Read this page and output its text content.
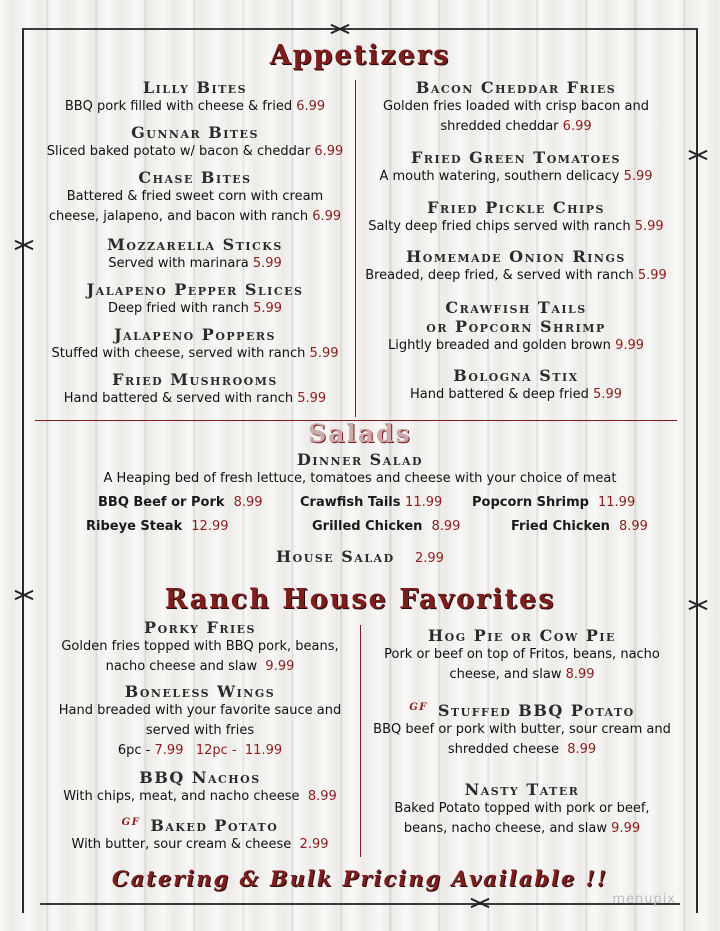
Appetizers
Lilly Bites
BBQ pork filled with cheese & fried 6.99
Gunnar Bites
Sliced baked potato w/ bacon & cheddar 6.99
Chase Bites
Battered & fried sweet corn with cream
cheese, jalapeno, and bacon with ranch 6.99
Mozzarella Sticks
Served with marinara 5.99
Jalapeno Pepper Slices
Deep fried with ranch 5.99
Jalapeno Poppers
Stuffed with cheese, served with ranch 5.99
Fried Mushrooms
Hand battered & served with ranch 5.99
Bacon Cheddar Fries
Golden fries loaded with crisp bacon and
shredded cheddar 6.99
Fried Green Tomatoes
A mouth watering, southern delicacy 5.99
Fried Pickle Chips
Salty deep fried chips served with ranch 5.99
Homemade Onion Rings
Breaded, deep fried, & served with ranch 5.99
Crawfish Tails
or Popcorn Shrimp
Lightly breaded and golden brown 9.99
Bologna Stix
Hand battered & deep fried 5.99
Salads
Dinner Salad
A Heaping bed of fresh lettuce, tomatoes and cheese with your choice of meat
BBQ Beef or Pork 8.99	Crawfish Tails 11.99 Popcorn Shrimp 11.99
Ribeye Steak 12.99	Grilled Chicken 8.99	Fried Chicken 8.99
House Salad 2.99
Ranch House Favorites
Porky Fries
Golden fries topped with BBQ pork, beans,
nacho cheese and slaw 9.99
Boneless Wings
Hand breaded with your favorite sauce and
served with fries
6pc - 7.99 12pc - 11.99
BBQ Nachos
With chips, meat, and nacho cheese 8.99
$^{GF}$ Baked Potato
With butter, sour cream & cheese 2.99
Hog Pie or Cow Pie
Pork or beef on top of Fritos, beans, nacho
cheese, and slaw 8.99
$^{GF}$ Stuffed BBQ Potato
BBQ beef or pork with butter, sour cream and
shredded cheese 8.99
Nasty Tater
Baked Potato topped with pork or beef,
beans, nacho cheese, and slaw 9.99
Catering & Bulk Pricing Available !!
menupix
